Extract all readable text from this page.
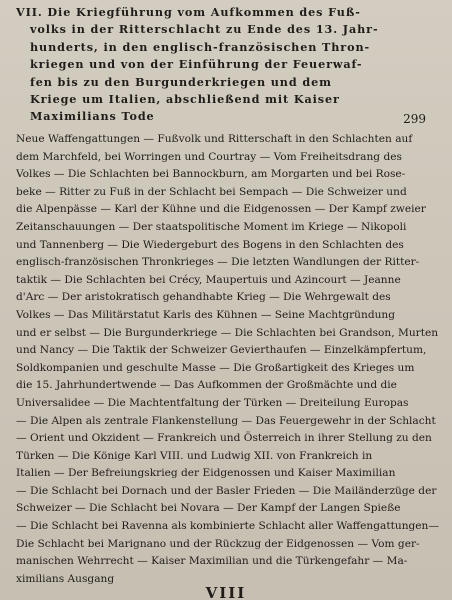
VII. Die Kriegführung vom Aufkommen des Fuß-
volks in der Ritterschlacht zu Ende des 13. Jahr-
hunderts, in den englisch-französischen Thron-
kriegen und von der Einführung der Feuerwaf-
fen bis zu den Burgunderkriegen und dem
Kriege um Italien, abschließend mit Kaiser
Maximilians Tode	299
Neue Waffengattungen — Fußvolk und Ritterschaft in den Schlachten auf
dem Marchfeld, bei Worringen und Courtray — Vom Freiheitsdrang des
Volkes — Die Schlachten bei Bannockburn, am Morgarten und bei Rose-
beke — Ritter zu Fuß in der Schlacht bei Sempach — Die Schweizer und
die Alpenpässe — Karl der Kühne und die Eidgenossen — Der Kampf zweier
Zeitanschauungen — Der staatspolitische Moment im Kriege — Nikopoli
und Tannenberg — Die Wiedergeburt des Bogens in den Schlachten des
englisch-französischen Thronkrieges — Die letzten Wandlungen der Ritter-
taktik — Die Schlachten bei Crécy, Maupertuis und Azincourt — Jeanne
d'Arc — Der aristokratisch gehandhabte Krieg — Die Wehrgewalt des
Volkes — Das Militärstatut Karls des Kühnen — Seine Machtgründung
und er selbst — Die Burgunderkriege — Die Schlachten bei Grandson, Murten
und Nancy — Die Taktik der Schweizer Gevierthaufen — Einzelkämpfertum,
Soldkompanien und geschulte Masse — Die Großartigkeit des Krieges um
die 15. Jahrhundertwende — Das Aufkommen der Großmächte und die
Universalidee — Die Machtentfaltung der Türken — Dreiteilung Europas
— Die Alpen als zentrale Flankenstellung — Das Feuergewehr in der Schlacht
— Orient und Okzident — Frankreich und Österreich in ihrer Stellung zu den
Türken — Die Könige Karl VIII. und Ludwig XII. von Frankreich in
Italien — Der Befreiungskrieg der Eidgenossen und Kaiser Maximilian
— Die Schlacht bei Dornach und der Basler Frieden — Die Mailänderzüge der
Schweizer — Die Schlacht bei Novara — Der Kampf der Langen Spieße
— Die Schlacht bei Ravenna als kombinierte Schlacht aller Waffengattungen—
Die Schlacht bei Marignano und der Rückzug der Eidgenossen — Vom ger-
manischen Wehrrecht — Kaiser Maximilian und die Türkengefahr — Ma-
ximilians Ausgang
VIII
